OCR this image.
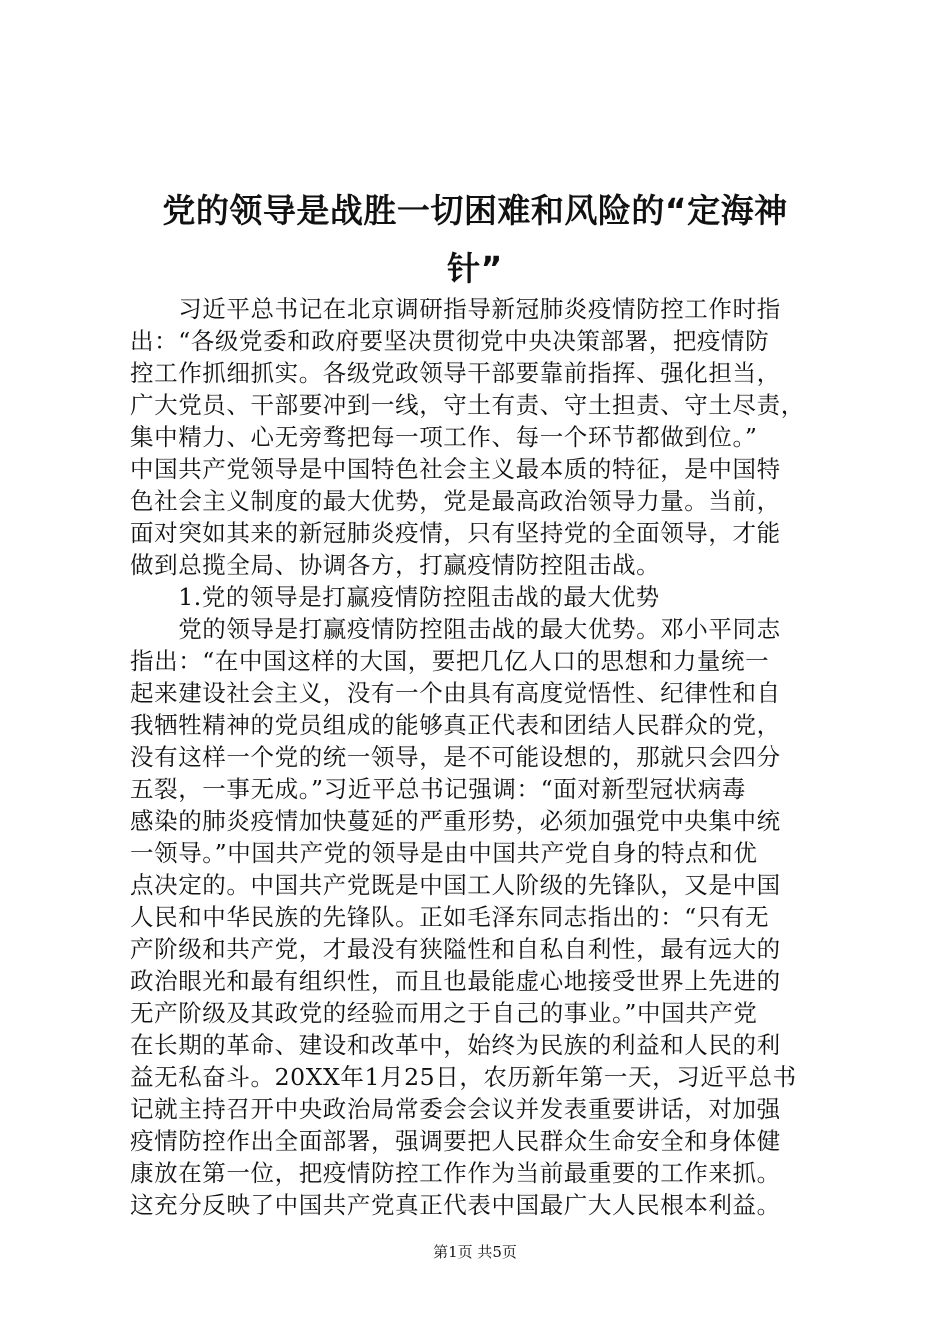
党的领导是战胜一切困难和风险的“定海神
针”
　　习近平总书记在北京调研指导新冠肺炎疫情防控工作时指
出：“各级党委和政府要坚决贯彻党中央决策部署，把疫情防
控工作抓细抓实。各级党政领导干部要靠前指挥、强化担当，
广大党员、干部要冲到一线，守土有责、守土担责、守土尽责，
集中精力、心无旁骛把每一项工作、每一个环节都做到位。”
中国共产党领导是中国特色社会主义最本质的特征，是中国特
色社会主义制度的最大优势，党是最高政治领导力量。当前，
面对突如其来的新冠肺炎疫情，只有坚持党的全面领导，才能
做到总揽全局、协调各方，打赢疫情防控阻击战。
　　1.党的领导是打赢疫情防控阻击战的最大优势
　　党的领导是打赢疫情防控阻击战的最大优势。邓小平同志
指出：“在中国这样的大国，要把几亿人口的思想和力量统一
起来建设社会主义，没有一个由具有高度觉悟性、纪律性和自
我牺牲精神的党员组成的能够真正代表和团结人民群众的党，
没有这样一个党的统一领导，是不可能设想的，那就只会四分
五裂，一事无成。”习近平总书记强调：“面对新型冠状病毒
感染的肺炎疫情加快蔓延的严重形势，必须加强党中央集中统
一领导。”中国共产党的领导是由中国共产党自身的特点和优
点决定的。中国共产党既是中国工人阶级的先锋队，又是中国
人民和中华民族的先锋队。正如毛泽东同志指出的：“只有无
产阶级和共产党，才最没有狭隘性和自私自利性，最有远大的
政治眼光和最有组织性，而且也最能虚心地接受世界上先进的
无产阶级及其政党的经验而用之于自己的事业。”中国共产党
在长期的革命、建设和改革中，始终为民族的利益和人民的利
益无私奋斗。20XX年1月25日，农历新年第一天，习近平总书
记就主持召开中央政治局常委会会议并发表重要讲话，对加强
疫情防控作出全面部署，强调要把人民群众生命安全和身体健
康放在第一位，把疫情防控工作作为当前最重要的工作来抓。
这充分反映了中国共产党真正代表中国最广大人民根本利益。
第1页 共5页
